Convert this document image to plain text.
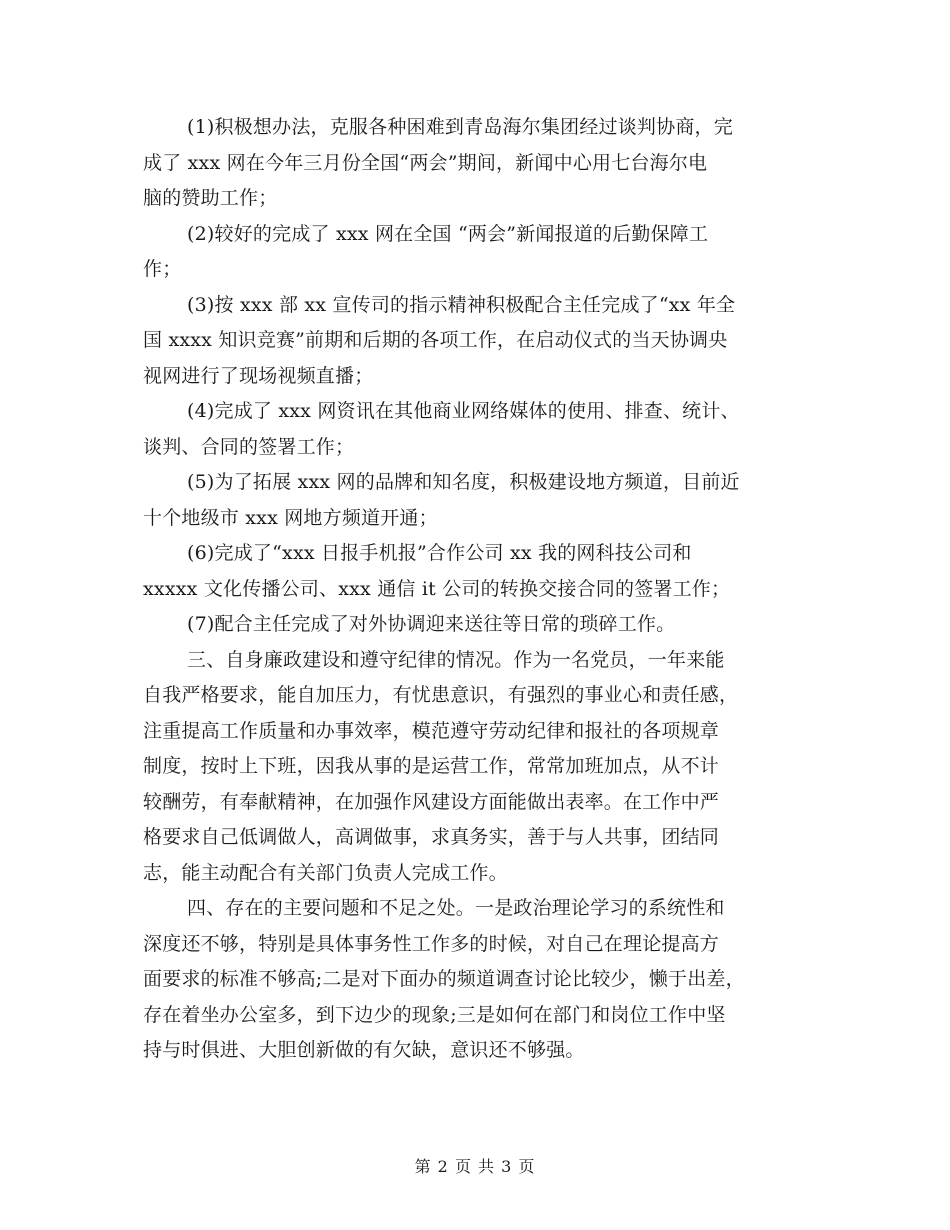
(1)积极想办法，克服各种困难到青岛海尔集团经过谈判协商，完
成了 xxx 网在今年三月份全国“两会”期间，新闻中心用七台海尔电
脑的赞助工作；
(2)较好的完成了 xxx 网在全国 “两会”新闻报道的后勤保障工
作；
(3)按 xxx 部 xx 宣传司的指示精神积极配合主任完成了“xx 年全
国 xxxx 知识竞赛”前期和后期的各项工作，在启动仪式的当天协调央
视网进行了现场视频直播；
(4)完成了 xxx 网资讯在其他商业网络媒体的使用、排查、统计、
谈判、合同的签署工作；
(5)为了拓展 xxx 网的品牌和知名度，积极建设地方频道，目前近
十个地级市 xxx 网地方频道开通；
(6)完成了“xxx 日报手机报”合作公司 xx 我的网科技公司和
xxxxx 文化传播公司、xxx 通信 it 公司的转换交接合同的签署工作；
(7)配合主任完成了对外协调迎来送往等日常的琐碎工作。
三、自身廉政建设和遵守纪律的情况。作为一名党员，一年来能
自我严格要求，能自加压力，有忧患意识，有强烈的事业心和责任感，
注重提高工作质量和办事效率，模范遵守劳动纪律和报社的各项规章
制度，按时上下班，因我从事的是运营工作，常常加班加点，从不计
较酬劳，有奉献精神，在加强作风建设方面能做出表率。在工作中严
格要求自己低调做人，高调做事，求真务实，善于与人共事，团结同
志，能主动配合有关部门负责人完成工作。
四、存在的主要问题和不足之处。一是政治理论学习的系统性和
深度还不够，特别是具体事务性工作多的时候，对自己在理论提高方
面要求的标准不够高;二是对下面办的频道调查讨论比较少，懒于出差，
存在着坐办公室多，到下边少的现象;三是如何在部门和岗位工作中坚
持与时俱进、大胆创新做的有欠缺，意识还不够强。
第 2 页 共 3 页
